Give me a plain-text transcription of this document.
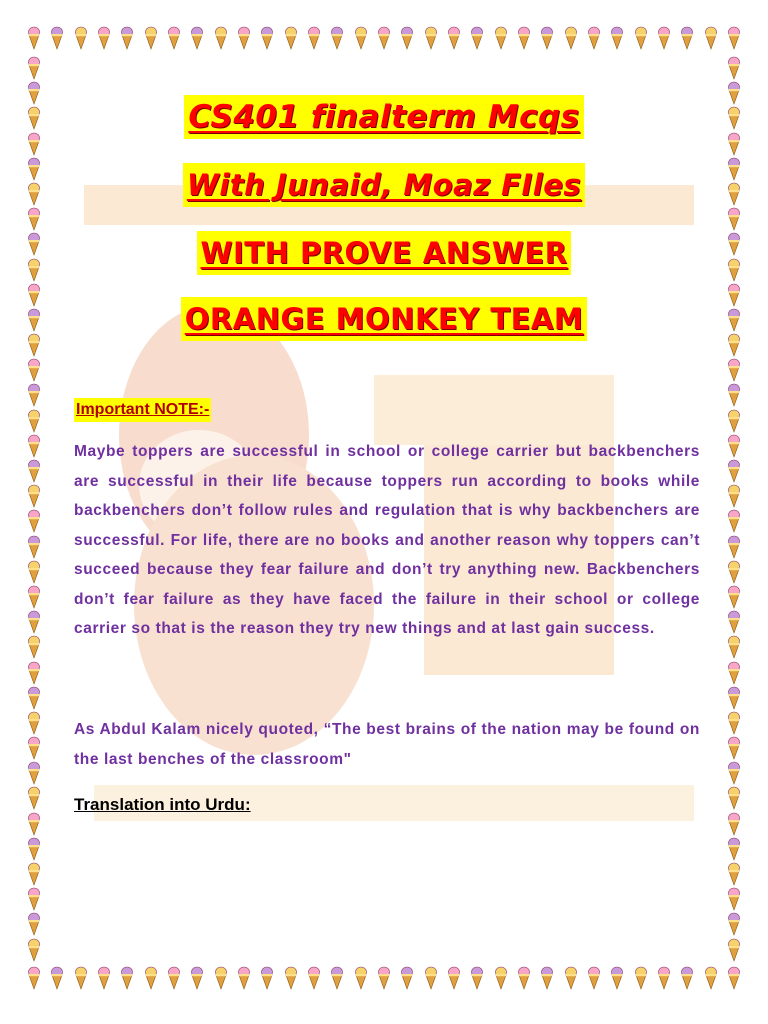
CS401 finalterm Mcqs
With Junaid, Moaz FIles
WITH PROVE ANSWER
ORANGE MONKEY TEAM
Important NOTE:-

Maybe toppers are successful in school or college carrier but backbenchers are successful in their life because toppers run according to books while backbenchers don’t follow rules and regulation that is why backbenchers are successful. For life, there are no books and another reason why toppers can’t succeed because they fear failure and don’t try anything new. Backbenchers don’t fear failure as they have faced the failure in their school or college carrier so that is the reason they try new things and at last gain success.

As Abdul Kalam nicely quoted, “The best brains of the nation may be found on the last benches of the classroom"

Translation into Urdu:
